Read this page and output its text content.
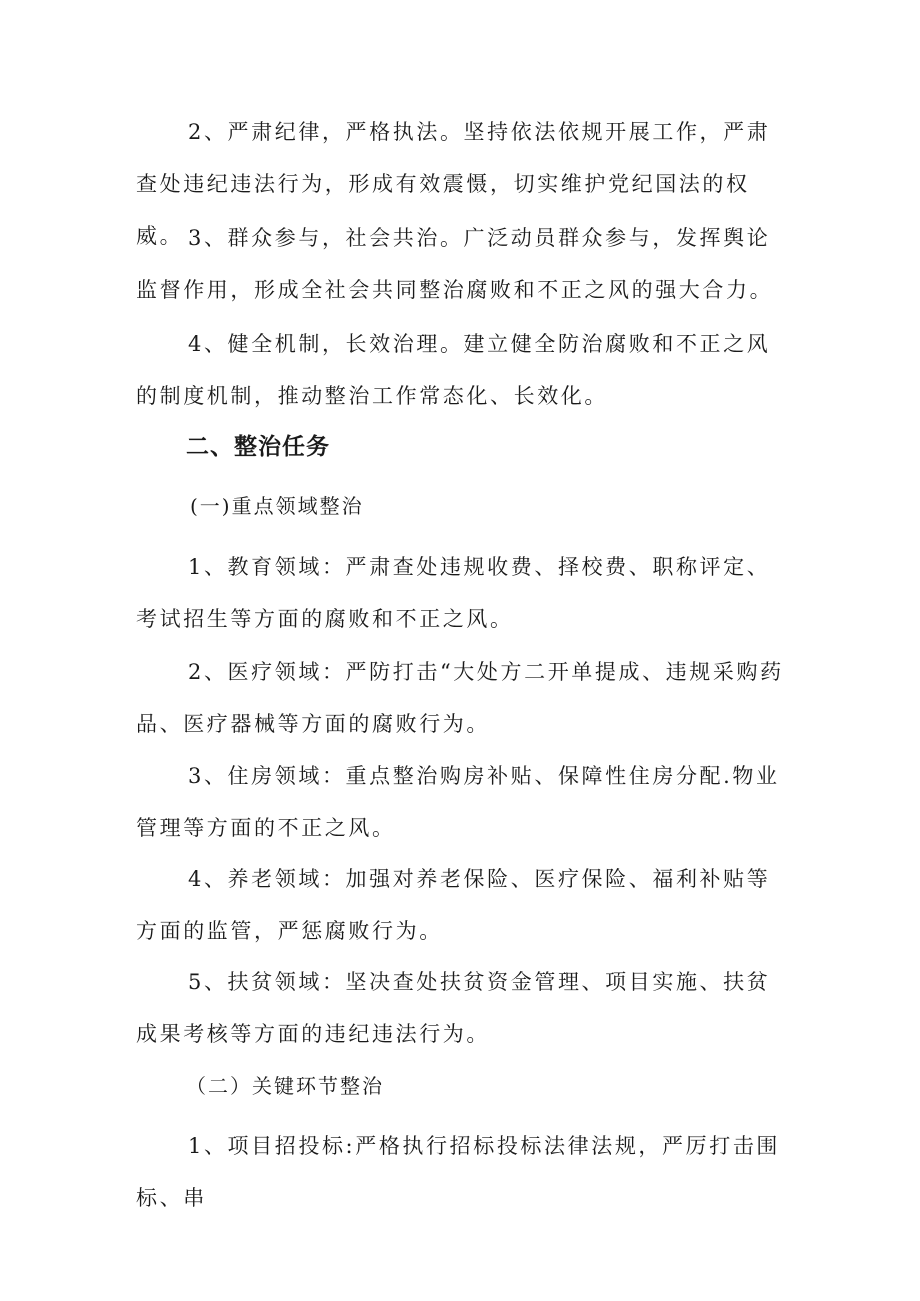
2、严肃纪律，严格执法。坚持依法依规开展工作，严肃查处违纪违法行为，形成有效震慑，切实维护党纪国法的权威。 3、群众参与，社会共治。广泛动员群众参与，发挥舆论监督作用，形成全社会共同整治腐败和不正之风的强大合力。

4、健全机制，长效治理。建立健全防治腐败和不正之风的制度机制，推动整治工作常态化、长效化。

二、整治任务

(一)重点领域整治

1、教育领域：严肃查处违规收费、择校费、职称评定、考试招生等方面的腐败和不正之风。

2、医疗领域：严防打击“大处方二开单提成、违规采购药品、医疗器械等方面的腐败行为。

3、住房领域：重点整治购房补贴、保障性住房分配.物业管理等方面的不正之风。

4、养老领域：加强对养老保险、医疗保险、福利补贴等方面的监管，严惩腐败行为。

5、扶贫领域：坚决查处扶贫资金管理、项目实施、扶贫成果考核等方面的违纪违法行为。

（二）关键环节整治

1、项目招投标:严格执行招标投标法律法规，严厉打击围标、串
